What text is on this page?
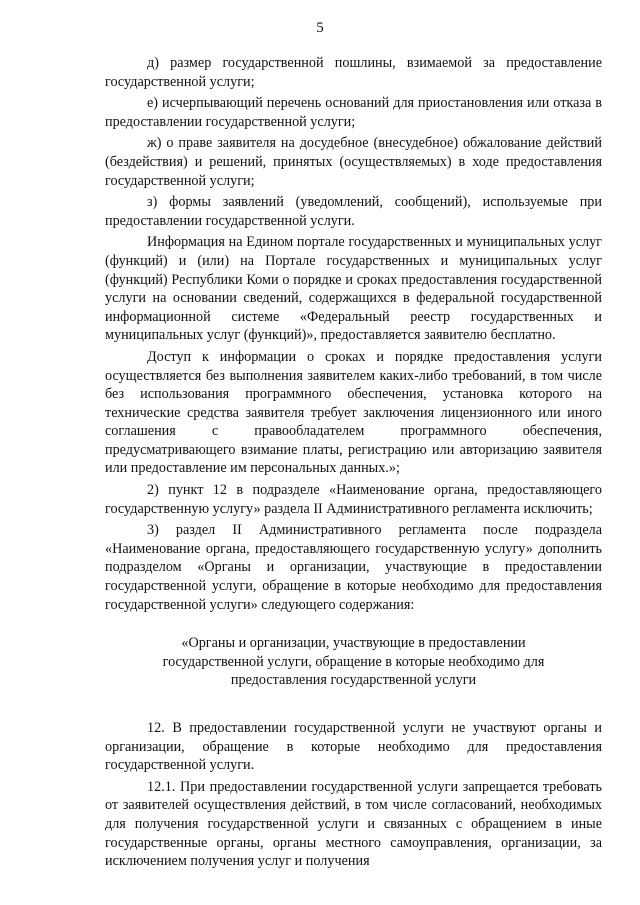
5

д) размер государственной пошлины, взимаемой за предоставление государственной услуги;

е) исчерпывающий перечень оснований для приостановления или отказа в предоставлении государственной услуги;

ж) о праве заявителя на досудебное (внесудебное) обжалование действий (бездействия) и решений, принятых (осуществляемых) в ходе предоставления государственной услуги;

з) формы заявлений (уведомлений, сообщений), используемые при предоставлении государственной услуги.

Информация на Едином портале государственных и муниципальных услуг (функций) и (или) на Портале государственных и муниципальных услуг (функций) Республики Коми о порядке и сроках предоставления государственной услуги на основании сведений, содержащихся в федеральной государственной информационной системе «Федеральный реестр государственных и муниципальных услуг (функций)», предоставляется заявителю бесплатно.

Доступ к информации о сроках и порядке предоставления услуги осуществляется без выполнения заявителем каких-либо требований, в том числе без использования программного обеспечения, установка которого на технические средства заявителя требует заключения лицензионного или иного соглашения с правообладателем программного обеспечения, предусматривающего взимание платы, регистрацию или авторизацию заявителя или предоставление им персональных данных.»;

2) пункт 12 в подразделе «Наименование органа, предоставляющего государственную услугу» раздела II Административного регламента исключить;

3) раздел II Административного регламента после подраздела «Наименование органа, предоставляющего государственную услугу» дополнить подразделом «Органы и организации, участвующие в предоставлении государственной услуги, обращение в которые необходимо для предоставления государственной услуги» следующего содержания:

«Органы и организации, участвующие в предоставлении
государственной услуги, обращение в которые необходимо для
предоставления государственной услуги

12. В предоставлении государственной услуги не участвуют органы и организации, обращение в которые необходимо для предоставления государственной услуги.

12.1. При предоставлении государственной услуги запрещается требовать от заявителей осуществления действий, в том числе согласований, необходимых для получения государственной услуги и связанных с обращением в иные государственные органы, органы местного самоуправления, организации, за исключением получения услуг и получения
